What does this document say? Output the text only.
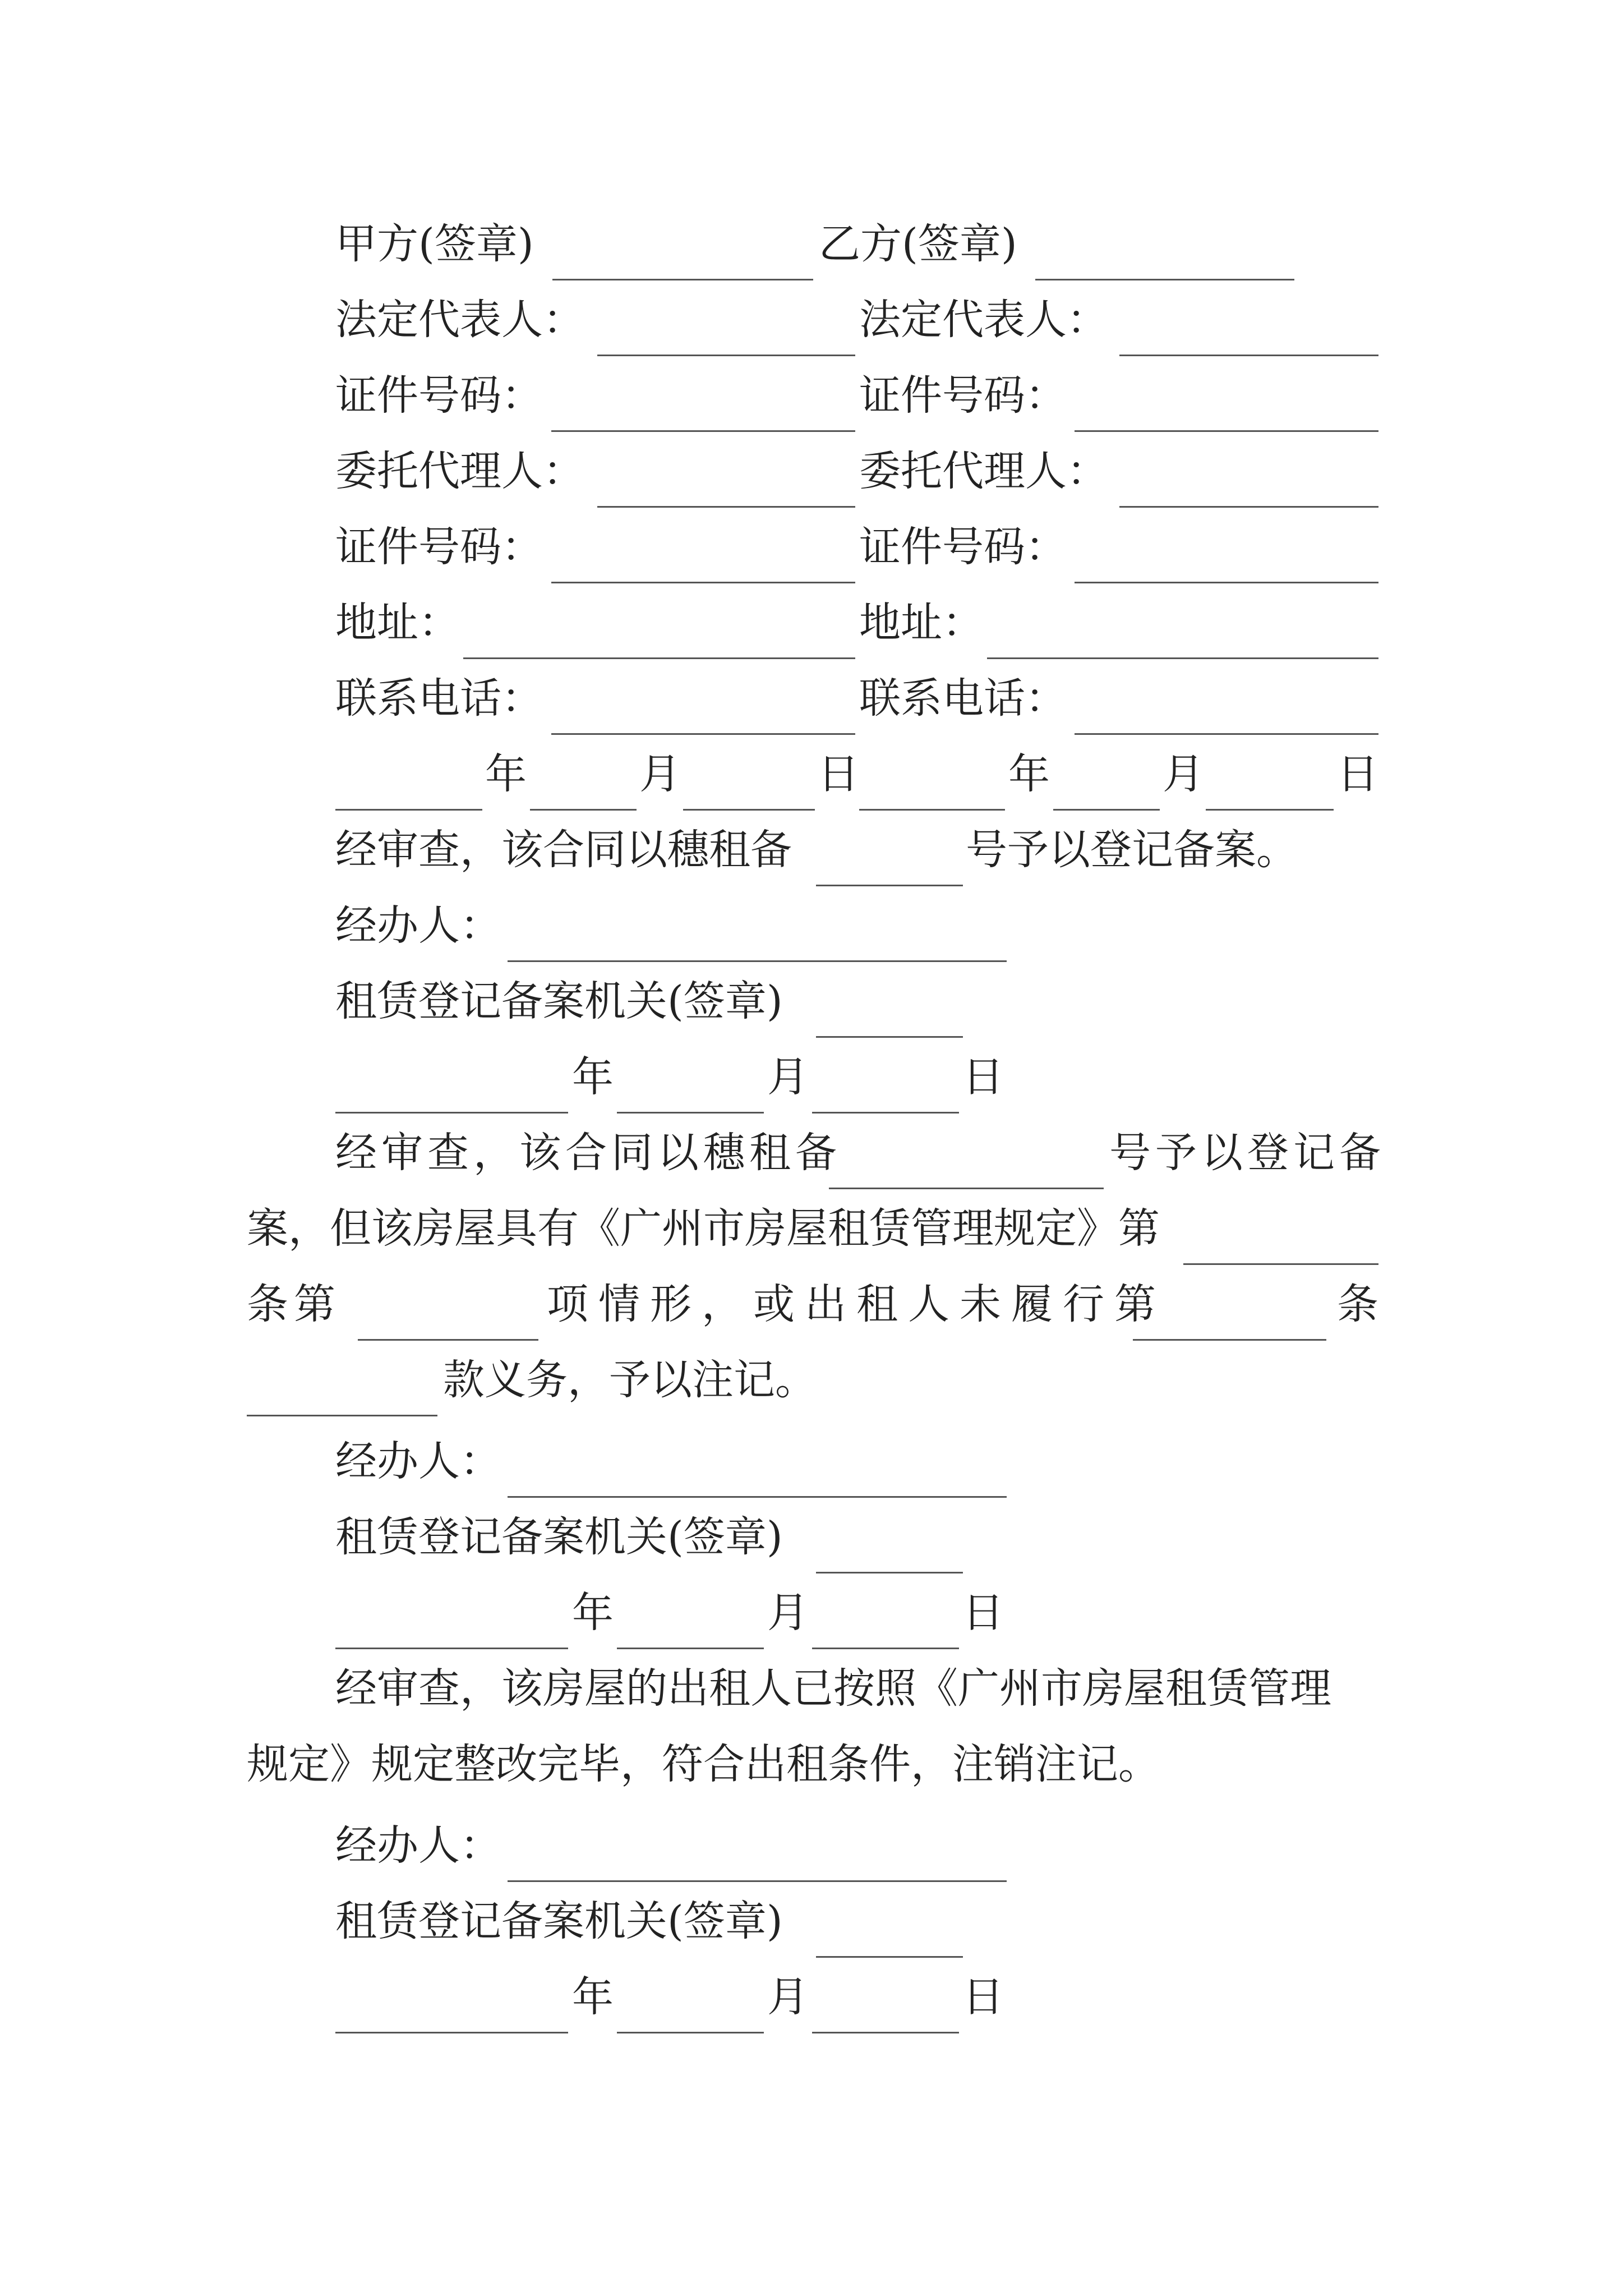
甲方(签章)	乙方(签章)
法定代表人：	法定代表人：
证件号码：	证件号码：
委托代理人：	委托代理人：
证件号码：	证件号码：
地址：	地址：
联系电话：	联系电话：
年	月	日	年	月	日
经审查，该合同以穗租备	号予以登记备案。
经办人：
租赁登记备案机关(签章)
年	月	日
经审查，该合同以穗租备	号予以登记备
案，但该房屋具有《广州市房屋租赁管理规定》第
条第	项情形，或出租人未履行第	条
款义务，予以注记。
经办人：
租赁登记备案机关(签章)
年	月	日
经审查，该房屋的出租人已按照《广州市房屋租赁管理
规定》规定整改完毕，符合出租条件，注销注记。
经办人：
租赁登记备案机关(签章)
年	月	日
